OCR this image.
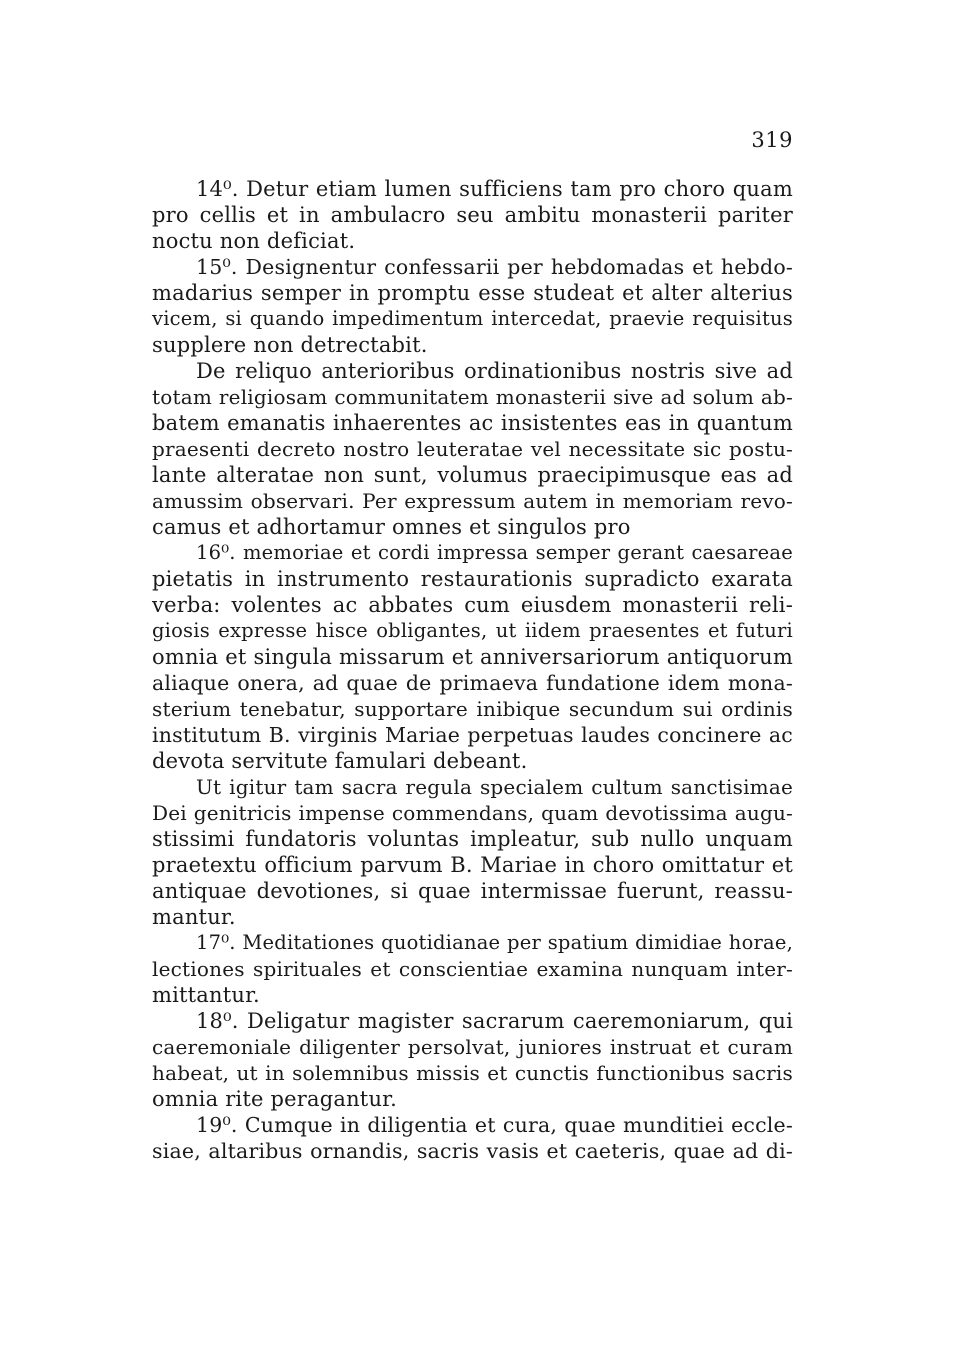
319
14⁰. Detur etiam lumen sufficiens tam pro choro quam
pro cellis et in ambulacro seu ambitu monasterii pariter
noctu non deficiat.
15⁰. Designentur confessarii per hebdomadas et hebdo-
madarius semper in promptu esse studeat et alter alterius
vicem, si quando impedimentum intercedat, praevie requisitus
supplere non detrectabit.
De reliquo anterioribus ordinationibus nostris sive ad
totam religiosam communitatem monasterii sive ad solum ab-
batem emanatis inhaerentes ac insistentes eas in quantum
praesenti decreto nostro leuteratae vel necessitate sic postu-
lante alteratae non sunt, volumus praecipimusque eas ad
amussim observari. Per expressum autem in memoriam revo-
camus et adhortamur omnes et singulos pro
16⁰. memoriae et cordi impressa semper gerant caesareae
pietatis in instrumento restaurationis supradicto exarata
verba: volentes ac abbates cum eiusdem monasterii reli-
giosis expresse hisce obligantes, ut iidem praesentes et futuri
omnia et singula missarum et anniversariorum antiquorum
aliaque onera, ad quae de primaeva fundatione idem mona-
sterium tenebatur, supportare inibique secundum sui ordinis
institutum B. virginis Mariae perpetuas laudes concinere ac
devota servitute famulari debeant.
Ut igitur tam sacra regula specialem cultum sanctisimae
Dei genitricis impense commendans, quam devotissima augu-
stissimi fundatoris voluntas impleatur, sub nullo unquam
praetextu officium parvum B. Mariae in choro omittatur et
antiquae devotiones, si quae intermissae fuerunt, reassu-
mantur.
17⁰. Meditationes quotidianae per spatium dimidiae horae,
lectiones spirituales et conscientiae examina nunquam inter-
mittantur.
18⁰. Deligatur magister sacrarum caeremoniarum, qui
caeremoniale diligenter persolvat, juniores instruat et curam
habeat, ut in solemnibus missis et cunctis functionibus sacris
omnia rite peragantur.
19⁰. Cumque in diligentia et cura, quae munditiei eccle-
siae, altaribus ornandis, sacris vasis et caeteris, quae ad di-
